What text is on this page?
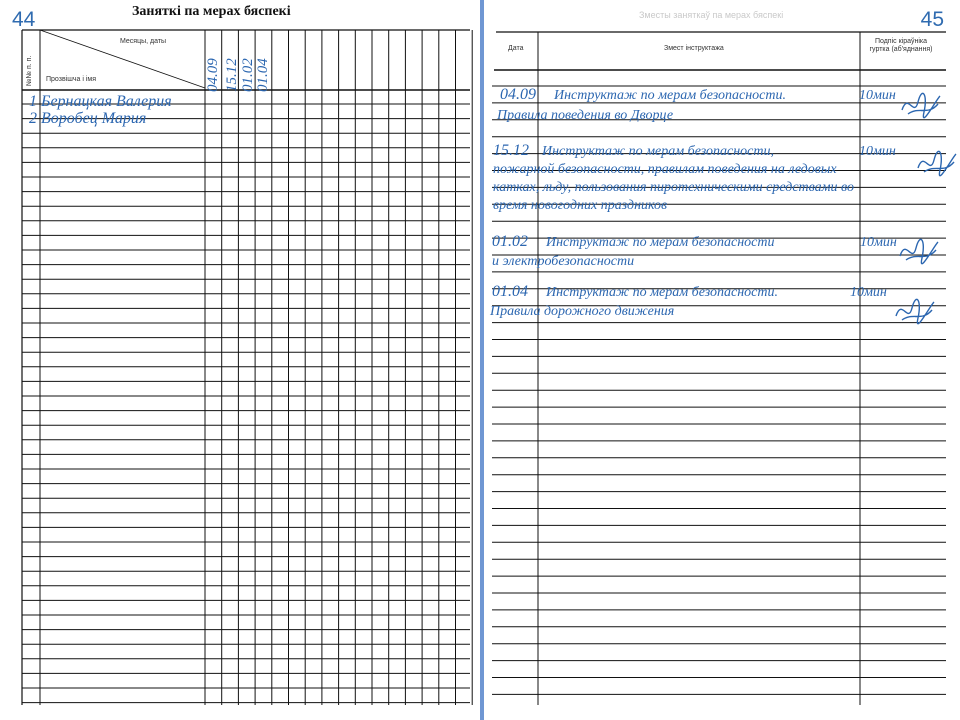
44	Заняткі па мерах бяспекі
Месяцы, даты
Прозвішча і імя
№№ п. п.	04.09 15.12 01.02 01.04
1 Бернацкая Валерия
2 Воробец Мария
Зместы заняткаў па мерах бяспекі	45
Дата	Змест інструктажа
Подпіс кіраўніка гуртка (аб'яднання)
04.09 Инструктаж по мерам безопасности.	10мин
Правила поведения во Дворце
15.12 Инструктаж по мерам безопасности,	10мин
пожарной безопасности, правилам поведения на ледовых
катках, льду, пользования пиротехническими средствами во
время новогодних праздников
01.02 Инструктаж по мерам безопасности	10мин
и электробезопасности
01.04 Инструктаж по мерам безопасности.	10мин
Правила дорожного движения
